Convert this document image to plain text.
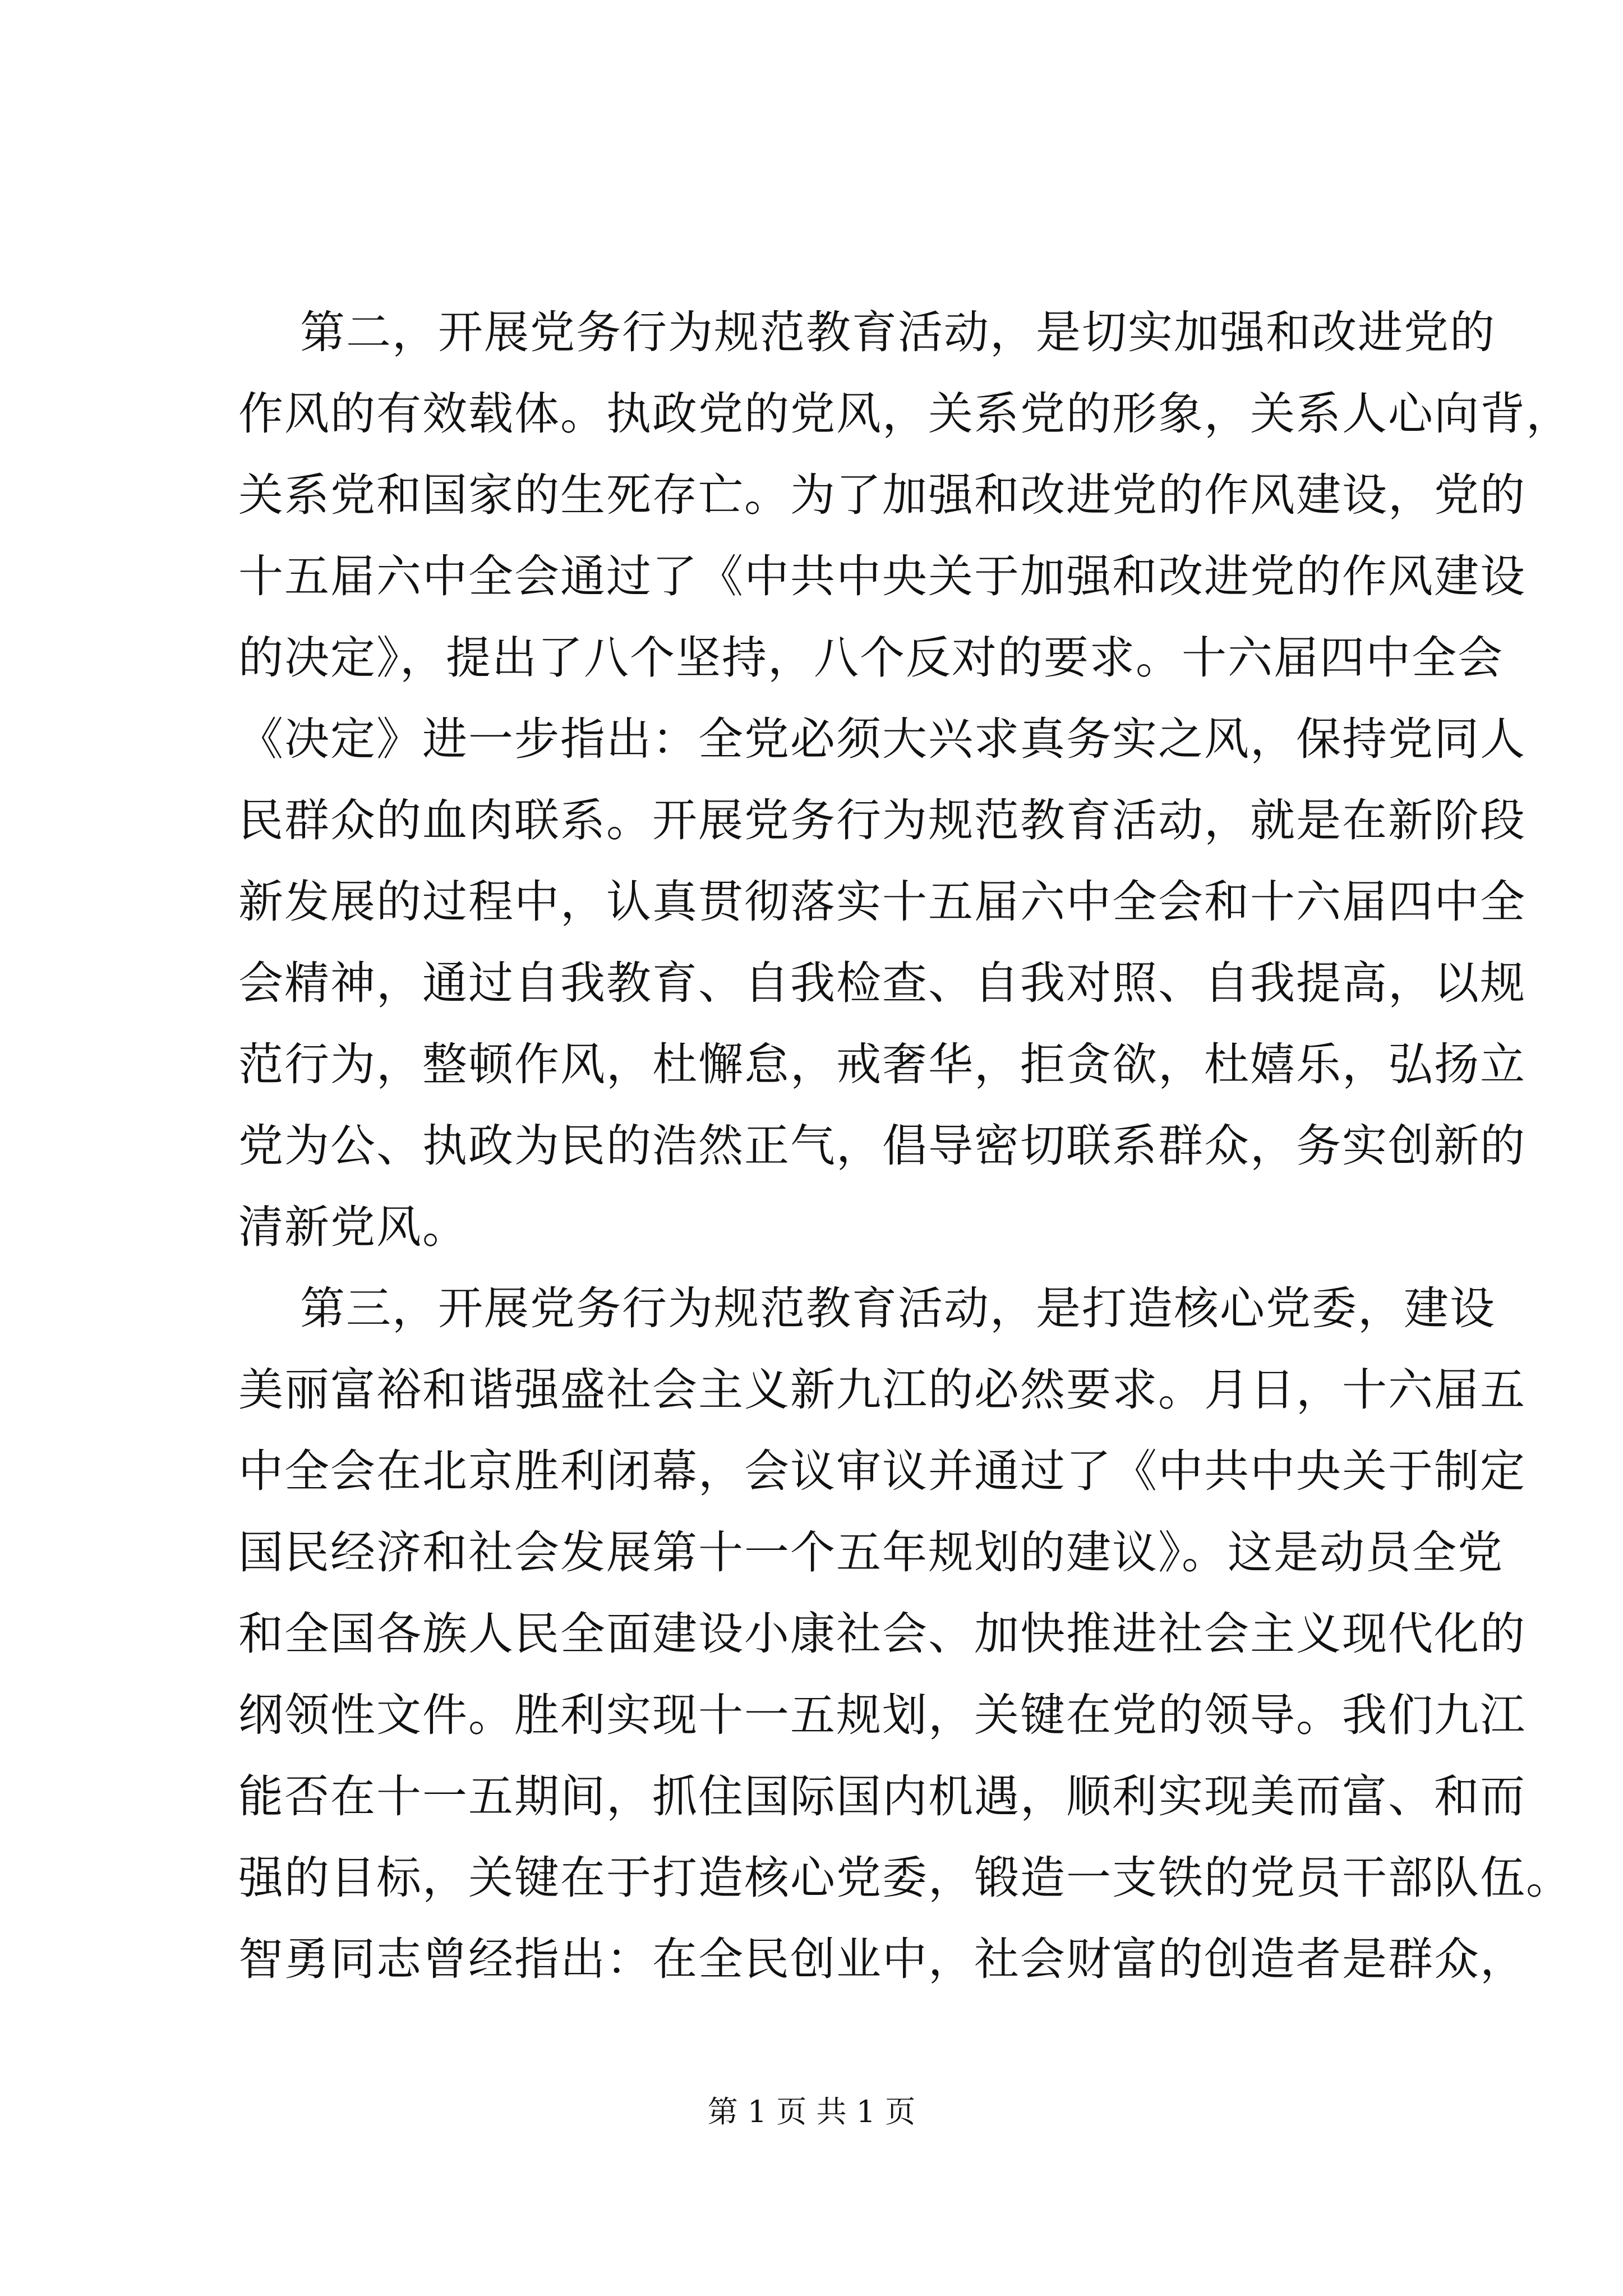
第二，开展党务行为规范教育活动，是切实加强和改进党的
作风的有效载体。执政党的党风，关系党的形象，关系人心向背，
关系党和国家的生死存亡。为了加强和改进党的作风建设，党的
十五届六中全会通过了《中共中央关于加强和改进党的作风建设
的决定》，提出了八个坚持，八个反对的要求。十六届四中全会
《决定》进一步指出：全党必须大兴求真务实之风，保持党同人
民群众的血肉联系。开展党务行为规范教育活动，就是在新阶段
新发展的过程中，认真贯彻落实十五届六中全会和十六届四中全
会精神，通过自我教育、自我检查、自我对照、自我提高，以规
范行为，整顿作风，杜懈怠，戒奢华，拒贪欲，杜嬉乐，弘扬立
党为公、执政为民的浩然正气，倡导密切联系群众，务实创新的
清新党风。
第三，开展党务行为规范教育活动，是打造核心党委，建设
美丽富裕和谐强盛社会主义新九江的必然要求。月日，十六届五
中全会在北京胜利闭幕，会议审议并通过了《中共中央关于制定
国民经济和社会发展第十一个五年规划的建议》。这是动员全党
和全国各族人民全面建设小康社会、加快推进社会主义现代化的
纲领性文件。胜利实现十一五规划，关键在党的领导。我们九江
能否在十一五期间，抓住国际国内机遇，顺利实现美而富、和而
强的目标，关键在于打造核心党委，锻造一支铁的党员干部队伍。
智勇同志曾经指出：在全民创业中，社会财富的创造者是群众，
第 1 页 共 1 页
